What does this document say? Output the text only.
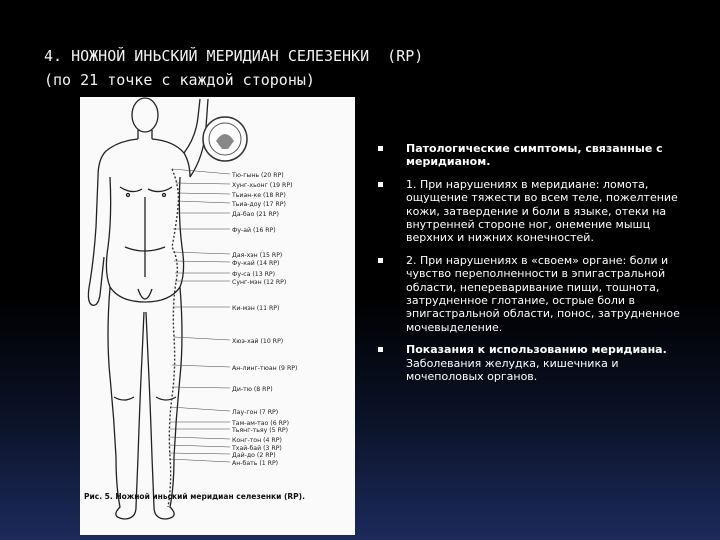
4. НОЖНОЙ ИНЬСКИЙ МЕРИДИАН СЕЛЕЗЕНКИ  (RP)
(по 21 точке с каждой стороны)
Тю-гынь (20 RP)
Хунг-хьонг (19 RP)
Тьиан-ке (18 RP)
Тьиа-доу (17 RP)
Да-бао (21 RP)
Фу-ай (16 RP)
Дая-хэн (15 RP)
Фу-кай (14 RP)
Фу-са (13 RP)
Сунг-мэн (12 RP)
Ки-мэн (11 RP)
Хюэ-хай (10 RP)
Ан-линг-тюан (9 RP)
Ди-тю (8 RP)
Лау-гон (7 RP)
Там-ам-тао (6 RP)
Тьянг-тьяу (5 RP)
Конг-тон (4 RP)
Тхай-бай (3 RP)
Дай-до (2 RP)
Ан-бать (1 RP)
Рис. 5. Ножной иньский меридиан селезенки (RP).
Патологические симптомы, связанные с меридианом.
1. При нарушениях в меридиане: ломота, ощущение тяжести во всем теле, пожелтение кожи, затвердение и боли в языке, отеки на внутренней стороне ног, онемение мышц верхних и нижних конечностей.
2. При нарушениях в «своем» органе: боли и чувство переполненности в эпигастральной области, непереваривание пищи, тошнота, затрудненное глотание, острые боли в эпигастральной области, понос, затрудненное мочевыделение.
Показания к использованию меридиана. Заболевания желудка, кишечника и мочеполовых органов.
